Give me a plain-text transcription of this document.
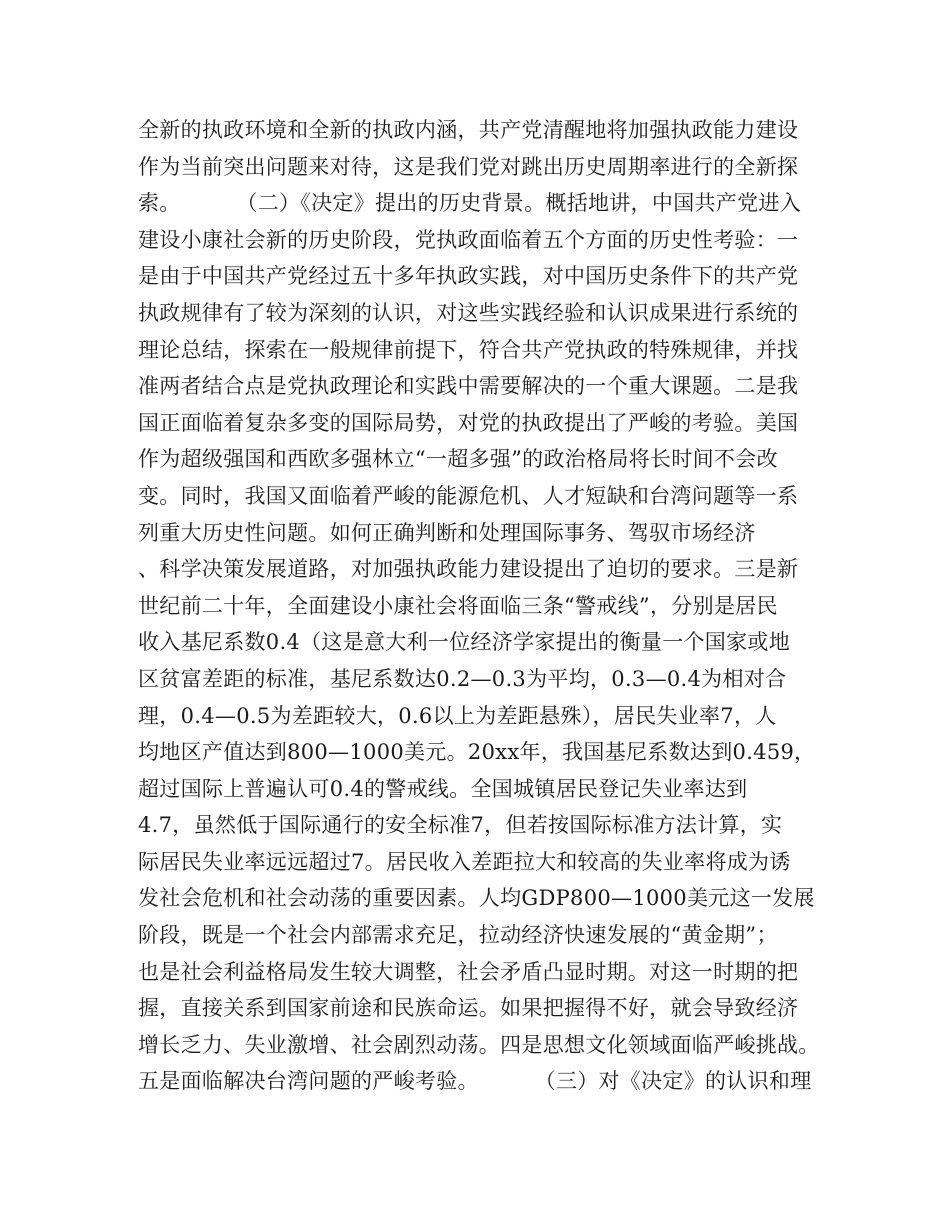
全新的执政环境和全新的执政内涵，共产党清醒地将加强执政能力建设
作为当前突出问题来对待，这是我们党对跳出历史周期率进行的全新探
索。        （二）《决定》提出的历史背景。概括地讲，中国共产党进入
建设小康社会新的历史阶段，党执政面临着五个方面的历史性考验：一
是由于中国共产党经过五十多年执政实践，对中国历史条件下的共产党
执政规律有了较为深刻的认识，对这些实践经验和认识成果进行系统的
理论总结，探索在一般规律前提下，符合共产党执政的特殊规律，并找
准两者结合点是党执政理论和实践中需要解决的一个重大课题。二是我
国正面临着复杂多变的国际局势，对党的执政提出了严峻的考验。美国
作为超级强国和西欧多强林立“一超多强”的政治格局将长时间不会改
变。同时，我国又面临着严峻的能源危机、人才短缺和台湾问题等一系
列重大历史性问题。如何正确判断和处理国际事务、驾驭市场经济
、科学决策发展道路，对加强执政能力建设提出了迫切的要求。三是新
世纪前二十年，全面建设小康社会将面临三条“警戒线”，分别是居民
收入基尼系数0.4（这是意大利一位经济学家提出的衡量一个国家或地
区贫富差距的标准，基尼系数达0.2—0.3为平均，0.3—0.4为相对合
理，0.4—0.5为差距较大，0.6以上为差距悬殊），居民失业率7，人
均地区产值达到800—1000美元。20xx年，我国基尼系数达到0.459，
超过国际上普遍认可0.4的警戒线。全国城镇居民登记失业率达到
4.7，虽然低于国际通行的安全标准7，但若按国际标准方法计算，实
际居民失业率远远超过7。居民收入差距拉大和较高的失业率将成为诱
发社会危机和社会动荡的重要因素。人均GDP800—1000美元这一发展
阶段，既是一个社会内部需求充足，拉动经济快速发展的“黄金期”；
也是社会利益格局发生较大调整，社会矛盾凸显时期。对这一时期的把
握，直接关系到国家前途和民族命运。如果把握得不好，就会导致经济
增长乏力、失业激增、社会剧烈动荡。四是思想文化领域面临严峻挑战。
五是面临解决台湾问题的严峻考验。        （三）对《决定》的认识和理
